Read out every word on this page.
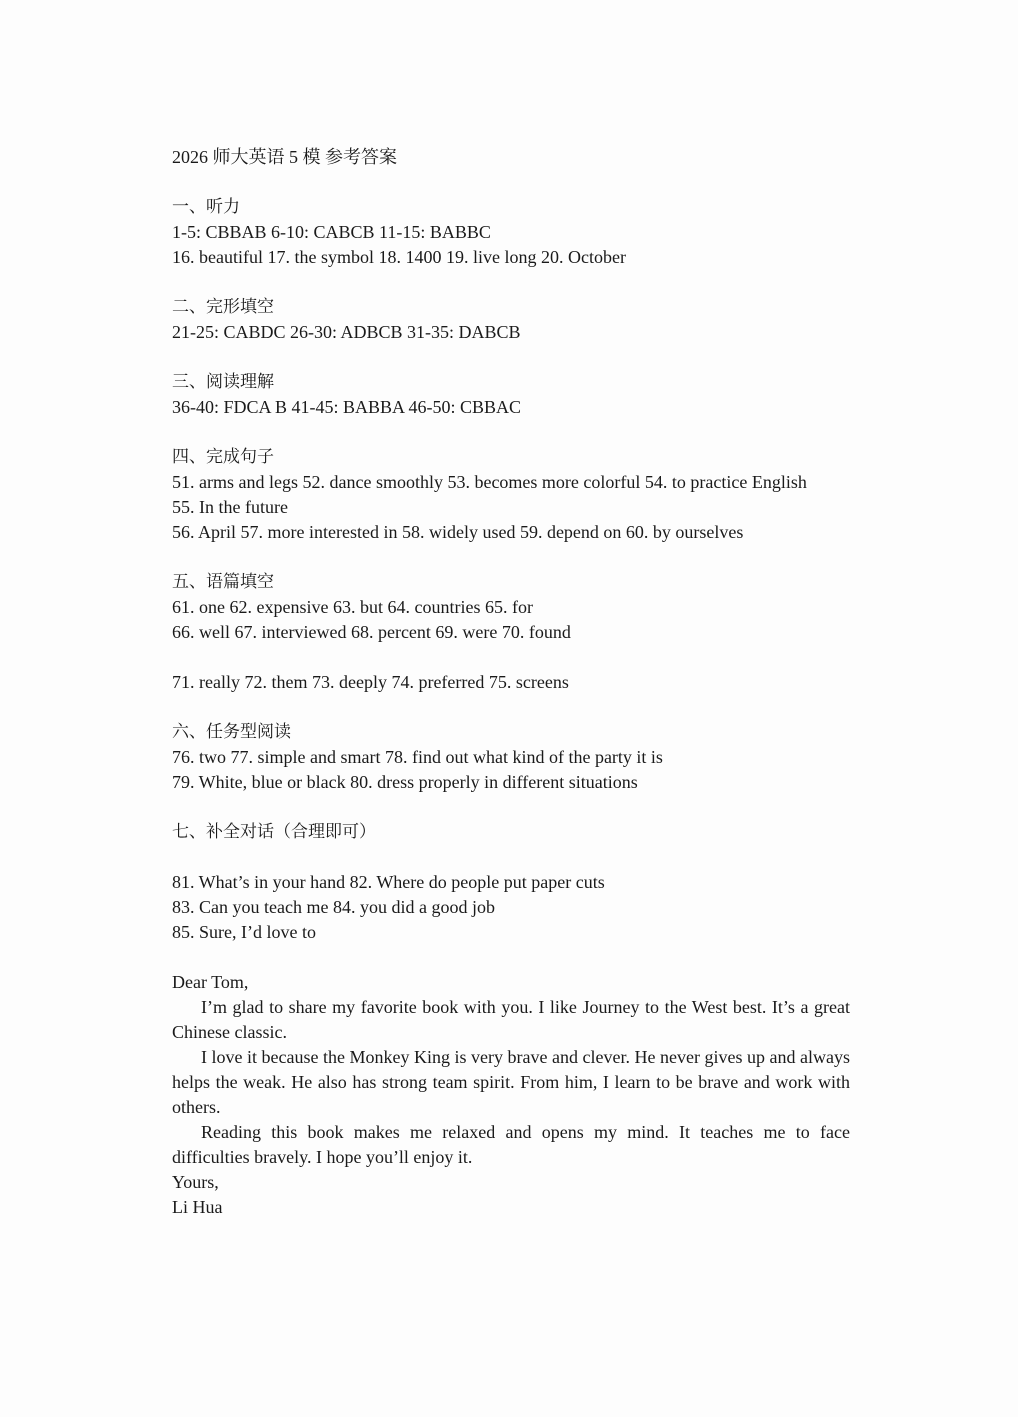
2026 师大英语 5 模 参考答案
一、听力
1-5: CBBAB 6-10: CABCB 11-15: BABBC
16. beautiful 17. the symbol 18. 1400 19. live long 20. October
二、完形填空
21-25: CABDC 26-30: ADBCB 31-35: DABCB
三、阅读理解
36-40: FDCA B 41-45: BABBA 46-50: CBBAC
四、完成句子
51. arms and legs 52. dance smoothly 53. becomes more colorful 54. to practice English
55. In the future
56. April 57. more interested in 58. widely used 59. depend on 60. by ourselves
五、语篇填空
61. one 62. expensive 63. but 64. countries 65. for
66. well 67. interviewed 68. percent 69. were 70. found
71. really 72. them 73. deeply 74. preferred 75. screens
六、任务型阅读
76. two 77. simple and smart 78. find out what kind of the party it is
79. White, blue or black 80. dress properly in different situations
七、补全对话（合理即可）
81. What’s in your hand 82. Where do people put paper cuts
83. Can you teach me 84. you did a good job
85. Sure, I’d love to

Dear Tom,

I’m glad to share my favorite book with you. I like Journey to the West best. It’s a great Chinese classic.

I love it because the Monkey King is very brave and clever. He never gives up and always helps the weak. He also has strong team spirit. From him, I learn to be brave and work with others.

Reading this book makes me relaxed and opens my mind. It teaches me to face difficulties bravely. I hope you’ll enjoy it.

Yours,

Li Hua
